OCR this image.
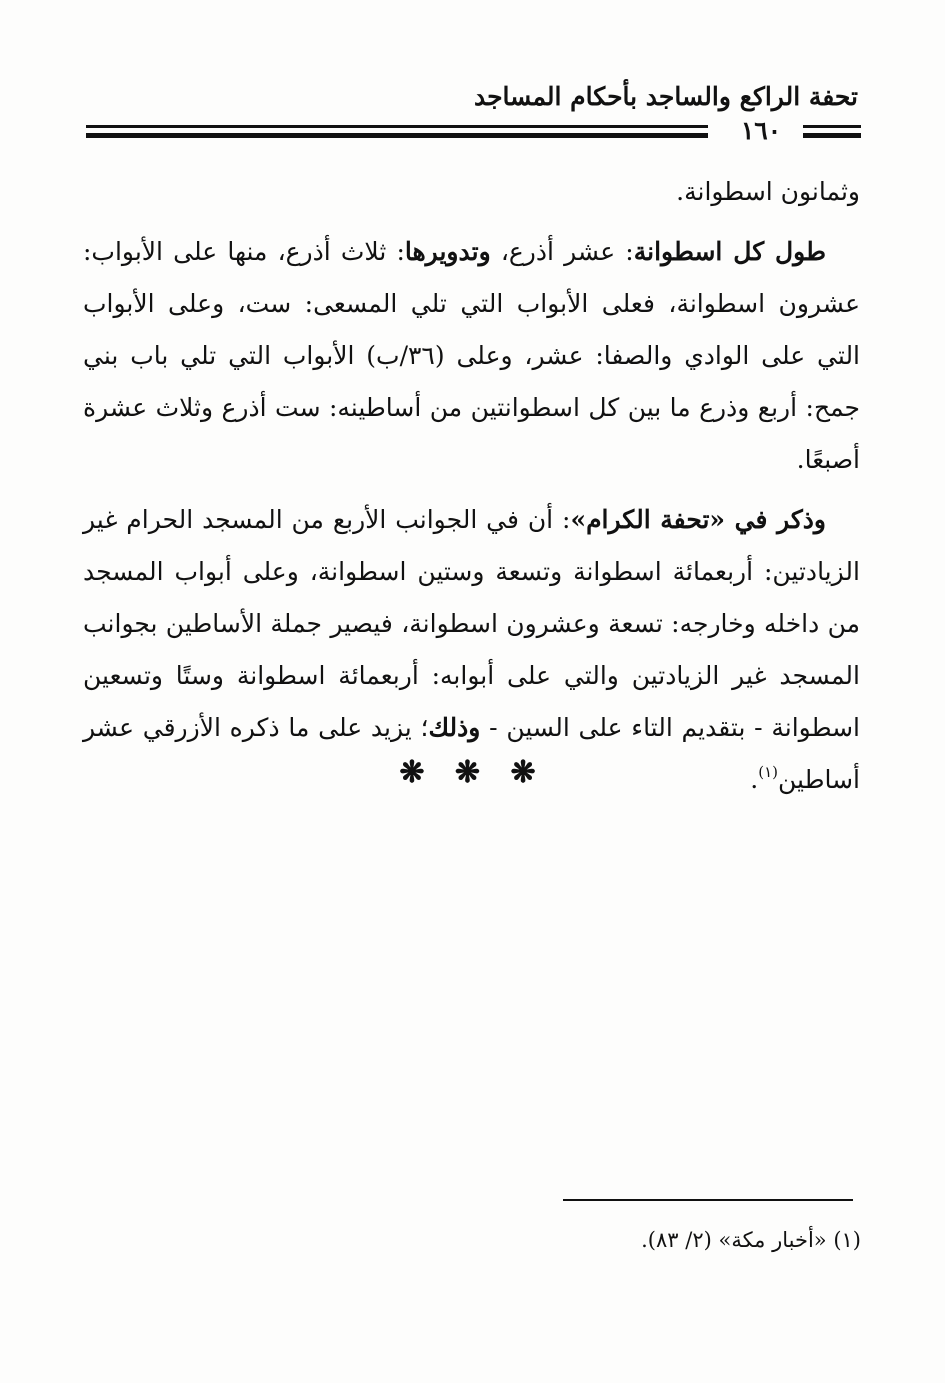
تحفة الراكع والساجد بأحكام المساجد
١٦٠

وثمانون اسطوانة.

طول كل اسطوانة: عشر أذرع، وتدويرها: ثلاث أذرع، منها على الأبواب: عشرون اسطوانة، فعلى الأبواب التي تلي المسعى: ست، وعلى الأبواب التي على الوادي والصفا: عشر، وعلى (٣٦/ب) الأبواب التي تلي باب بني جمح: أربع وذرع ما بين كل اسطوانتين من أساطينه: ست أذرع وثلاث عشرة أصبعًا.

وذكر في «تحفة الكرام»: أن في الجوانب الأربع من المسجد الحرام غير الزيادتين: أربعمائة اسطوانة وتسعة وستين اسطوانة، وعلى أبواب المسجد من داخله وخارجه: تسعة وعشرون اسطوانة، فيصير جملة الأساطين بجوانب المسجد غير الزيادتين والتي على أبوابه: أربعمائة اسطوانة وستًا وتسعين اسطوانة - بتقديم التاء على السين - وذلك؛ يزيد على ما ذكره الأزرقي عشر أساطين$^{(١)}$.

❋ ❋ ❋
(١) «أخبار مكة» (٢/ ٨٣).
